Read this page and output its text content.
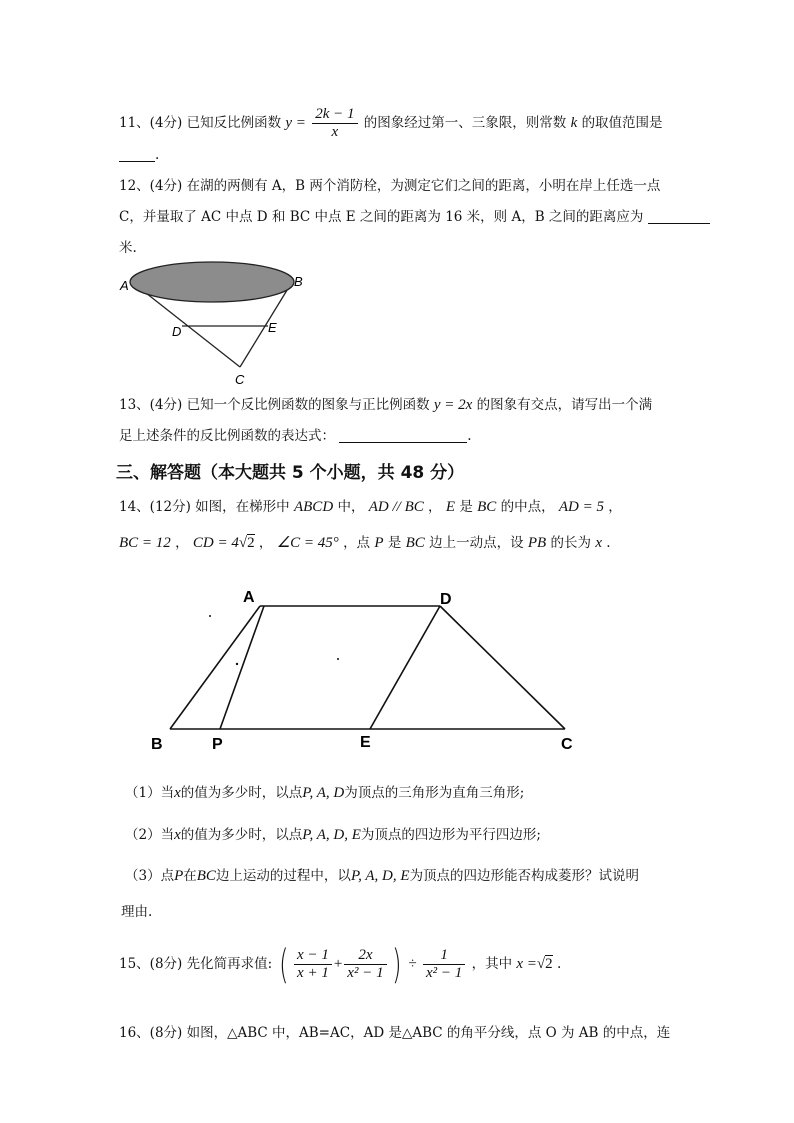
11、(4分) 已知反比例函数 $y = \frac{2k - 1}{x}$ 的图象经过第一、三象限，则常数 k 的取值范围是
.
12、(4分) 在湖的两侧有 A，B 两个消防栓，为测定它们之间的距离，小明在岸上任选一点
C，并量取了 AC 中点 D 和 BC 中点 E 之间的距离为 16 米，则 A，B 之间的距离应为
米.
A	B
D	E
C
13、(4分) 已知一个反比例函数的图象与正比例函数 y = 2x 的图象有交点，请写出一个满
足上述条件的反比例函数的表达式：	.
三、解答题（本大题共 5 个小题，共 48 分）
14、(12分) 如图，在梯形中 ABCD 中， AD // BC ， E 是 BC 的中点， AD = 5 ，
BC = 12 ， CD = 4√2 ， ∠C = 45° ，点 P 是 BC 边上一动点，设 PB 的长为 x .
A	D
B	P	E	C
（1）当x的值为多少时，以点P, A, D为顶点的三角形为直角三角形;
（2）当x的值为多少时，以点P, A, D, E为顶点的四边形为平行四边形;
（3）点P在BC边上运动的过程中，以P, A, D, E为顶点的四边形能否构成菱形？试说明
理由.
15、(8分) 先化简再求值: ( $\frac{x - 1}{x + 1} + \frac{2x}{\text{x² − 1}}$ ) ÷ $\frac{1}{\text{x² − 1}}$ ，其中 x =√2 .
16、(8分) 如图，△ABC 中，AB=AC，AD 是△ABC 的角平分线，点 O 为 AB 的中点，连
